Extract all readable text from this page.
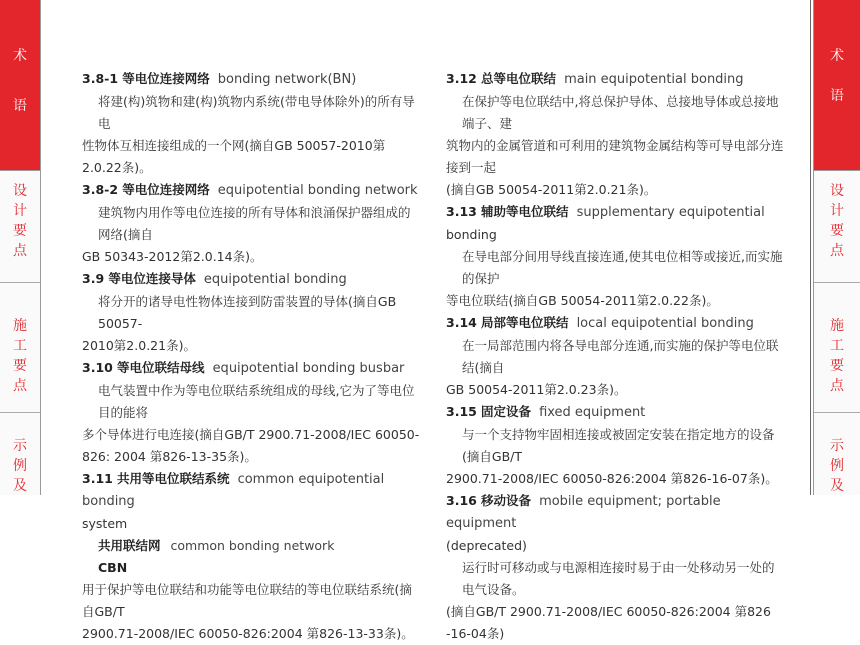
术
语
设
计
要
点
施
工
要
点
示
例
及
术
语
设
计
要
点
施
工
要
点
示
例
及
3.8-1 等电位连接网络 bonding network(BN)
将建(构)筑物和建(构)筑物内系统(带电导体除外)的所有导电
性物体互相连接组成的一个网(摘自GB 50057-2010第2.0.22条)。
3.8-2 等电位连接网络 equipotential bonding network
建筑物内用作等电位连接的所有导体和浪涌保护器组成的网络(摘自
GB 50343-2012第2.0.14条)。
3.9 等电位连接导体 equipotential bonding
将分开的诸导电性物体连接到防雷装置的导体(摘自GB 50057-
2010第2.0.21条)。
3.10 等电位联结母线 equipotential bonding busbar
电气装置中作为等电位联结系统组成的母线,它为了等电位目的能将
多个导体进行电连接(摘自GB/T 2900.71-2008/IEC 60050-
826: 2004 第826-13-35条)。
3.11 共用等电位联结系统 common equipotential bonding
system
共用联结网 common bonding network
CBN
用于保护等电位联结和功能等电位联结的等电位联结系统(摘自GB/T
2900.71-2008/IEC 60050-826:2004 第826-13-33条)。
3.12 总等电位联结 main equipotential bonding
在保护等电位联结中,将总保护导体、总接地导体或总接地端子、建
筑物内的金属管道和可利用的建筑物金属结构等可导电部分连接到一起
(摘自GB 50054-2011第2.0.21条)。
3.13 辅助等电位联结 supplementary equipotential
bonding
在导电部分间用导线直接连通,使其电位相等或接近,而实施的保护
等电位联结(摘自GB 50054-2011第2.0.22条)。
3.14 局部等电位联结 local equipotential bonding
在一局部范围内将各导电部分连通,而实施的保护等电位联结(摘自
GB 50054-2011第2.0.23条)。
3.15 固定设备 fixed equipment
与一个支持物牢固相连接或被固定安装在指定地方的设备(摘自GB/T
2900.71-2008/IEC 60050-826:2004 第826-16-07条)。
3.16 移动设备 mobile equipment; portable equipment
(deprecated)
运行时可移动或与电源相连接时易于由一处移动另一处的电气设备。
(摘自GB/T 2900.71-2008/IEC 60050-826:2004 第826
-16-04条)
